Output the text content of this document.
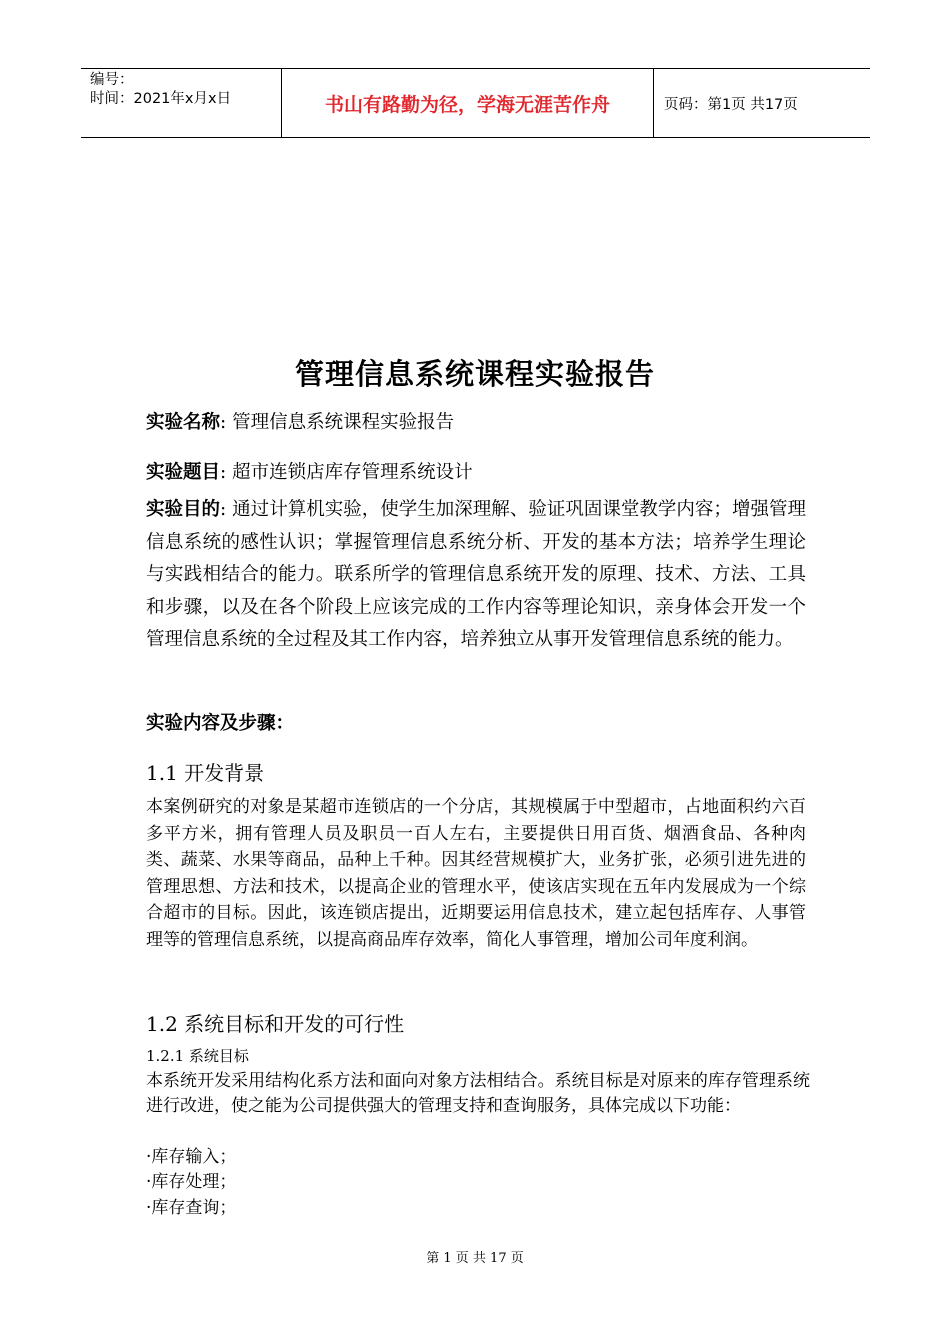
编号：
时间：2021年x月x日	书山有路勤为径，学海无涯苦作舟	页码：第1页 共17页
管理信息系统课程实验报告
实验名称: 管理信息系统课程实验报告
实验题目: 超市连锁店库存管理系统设计
实验目的: 通过计算机实验，使学生加深理解、验证巩固课堂教学内容；增强管理信息系统的感性认识；掌握管理信息系统分析、开发的基本方法；培养学生理论与实践相结合的能力。联系所学的管理信息系统开发的原理、技术、方法、工具和步骤，以及在各个阶段上应该完成的工作内容等理论知识，亲身体会开发一个管理信息系统的全过程及其工作内容，培养独立从事开发管理信息系统的能力。
实验内容及步骤：
1.1 开发背景
本案例研究的对象是某超市连锁店的一个分店，其规模属于中型超市，占地面积约六百多平方米，拥有管理人员及职员一百人左右，主要提供日用百货、烟酒食品、各种肉类、蔬菜、水果等商品，品种上千种。因其经营规模扩大，业务扩张，必须引进先进的管理思想、方法和技术，以提高企业的管理水平，使该店实现在五年内发展成为一个综合超市的目标。因此，该连锁店提出，近期要运用信息技术，建立起包括库存、人事管理等的管理信息系统，以提高商品库存效率，简化人事管理，增加公司年度利润。
1.2 系统目标和开发的可行性
1.2.1 系统目标
本系统开发采用结构化系方法和面向对象方法相结合。系统目标是对原来的库存管理系统进行改进，使之能为公司提供强大的管理支持和查询服务，具体完成以下功能：
·库存输入；
·库存处理；
·库存查询；
第 1 页 共 17 页
